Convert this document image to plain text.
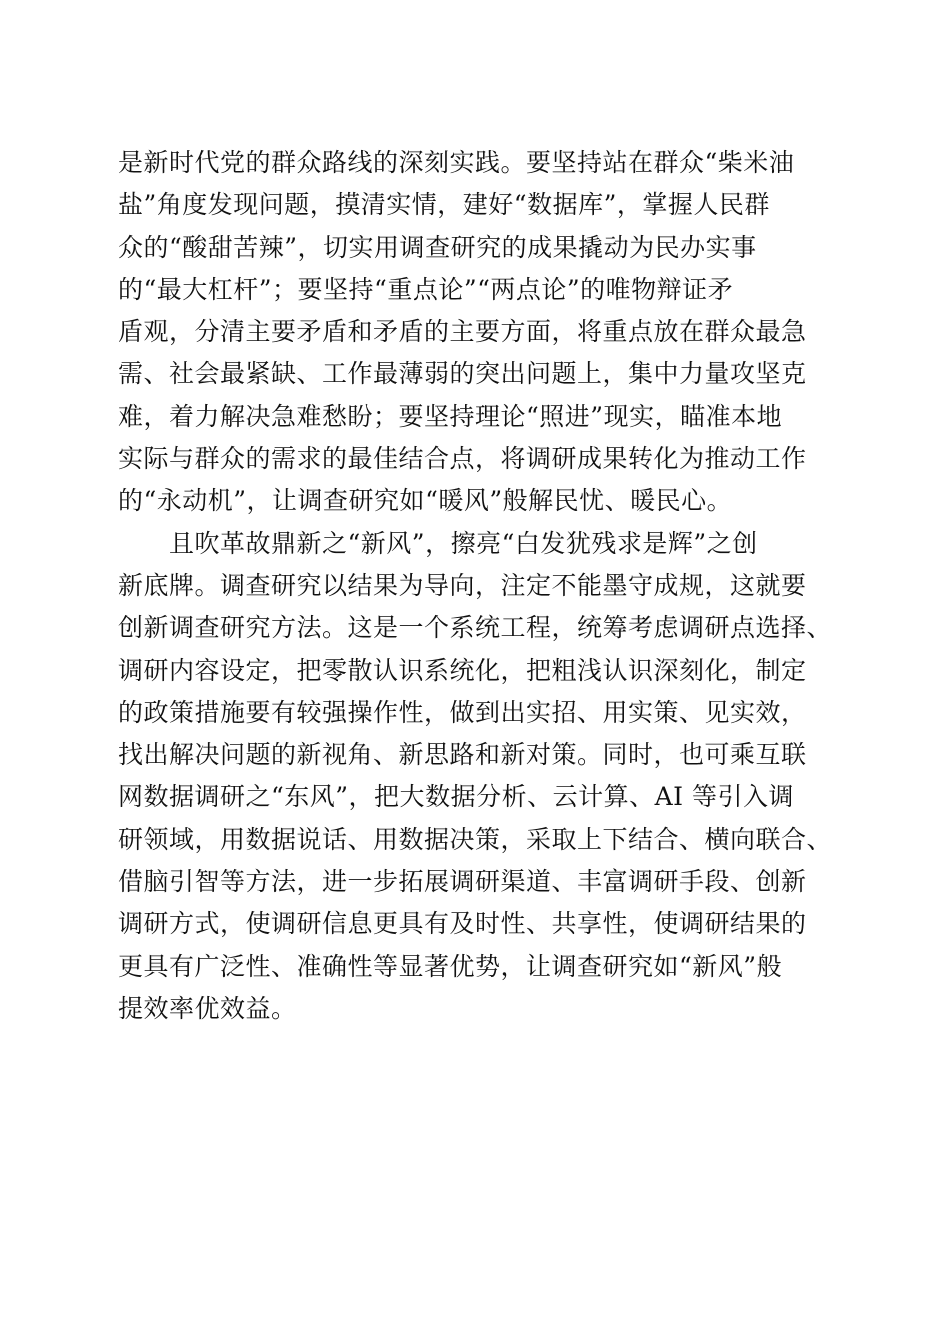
是新时代党的群众路线的深刻实践。要坚持站在群众“柴米油
盐”角度发现问题，摸清实情，建好“数据库”，掌握人民群
众的“酸甜苦辣”，切实用调查研究的成果撬动为民办实事
的“最大杠杆”；要坚持“重点论”“两点论”的唯物辩证矛
盾观，分清主要矛盾和矛盾的主要方面，将重点放在群众最急
需、社会最紧缺、工作最薄弱的突出问题上，集中力量攻坚克
难，着力解决急难愁盼；要坚持理论“照进”现实，瞄准本地
实际与群众的需求的最佳结合点，将调研成果转化为推动工作
的“永动机”，让调查研究如“暖风”般解民忧、暖民心。
　　且吹革故鼎新之“新风”，擦亮“白发犹残求是辉”之创
新底牌。调查研究以结果为导向，注定不能墨守成规，这就要
创新调查研究方法。这是一个系统工程，统筹考虑调研点选择、
调研内容设定，把零散认识系统化，把粗浅认识深刻化，制定
的政策措施要有较强操作性，做到出实招、用实策、见实效，
找出解决问题的新视角、新思路和新对策。同时，也可乘互联
网数据调研之“东风”，把大数据分析、云计算、AI 等引入调
研领域，用数据说话、用数据决策，采取上下结合、横向联合、
借脑引智等方法，进一步拓展调研渠道、丰富调研手段、创新
调研方式，使调研信息更具有及时性、共享性，使调研结果的
更具有广泛性、准确性等显著优势，让调查研究如“新风”般
提效率优效益。
